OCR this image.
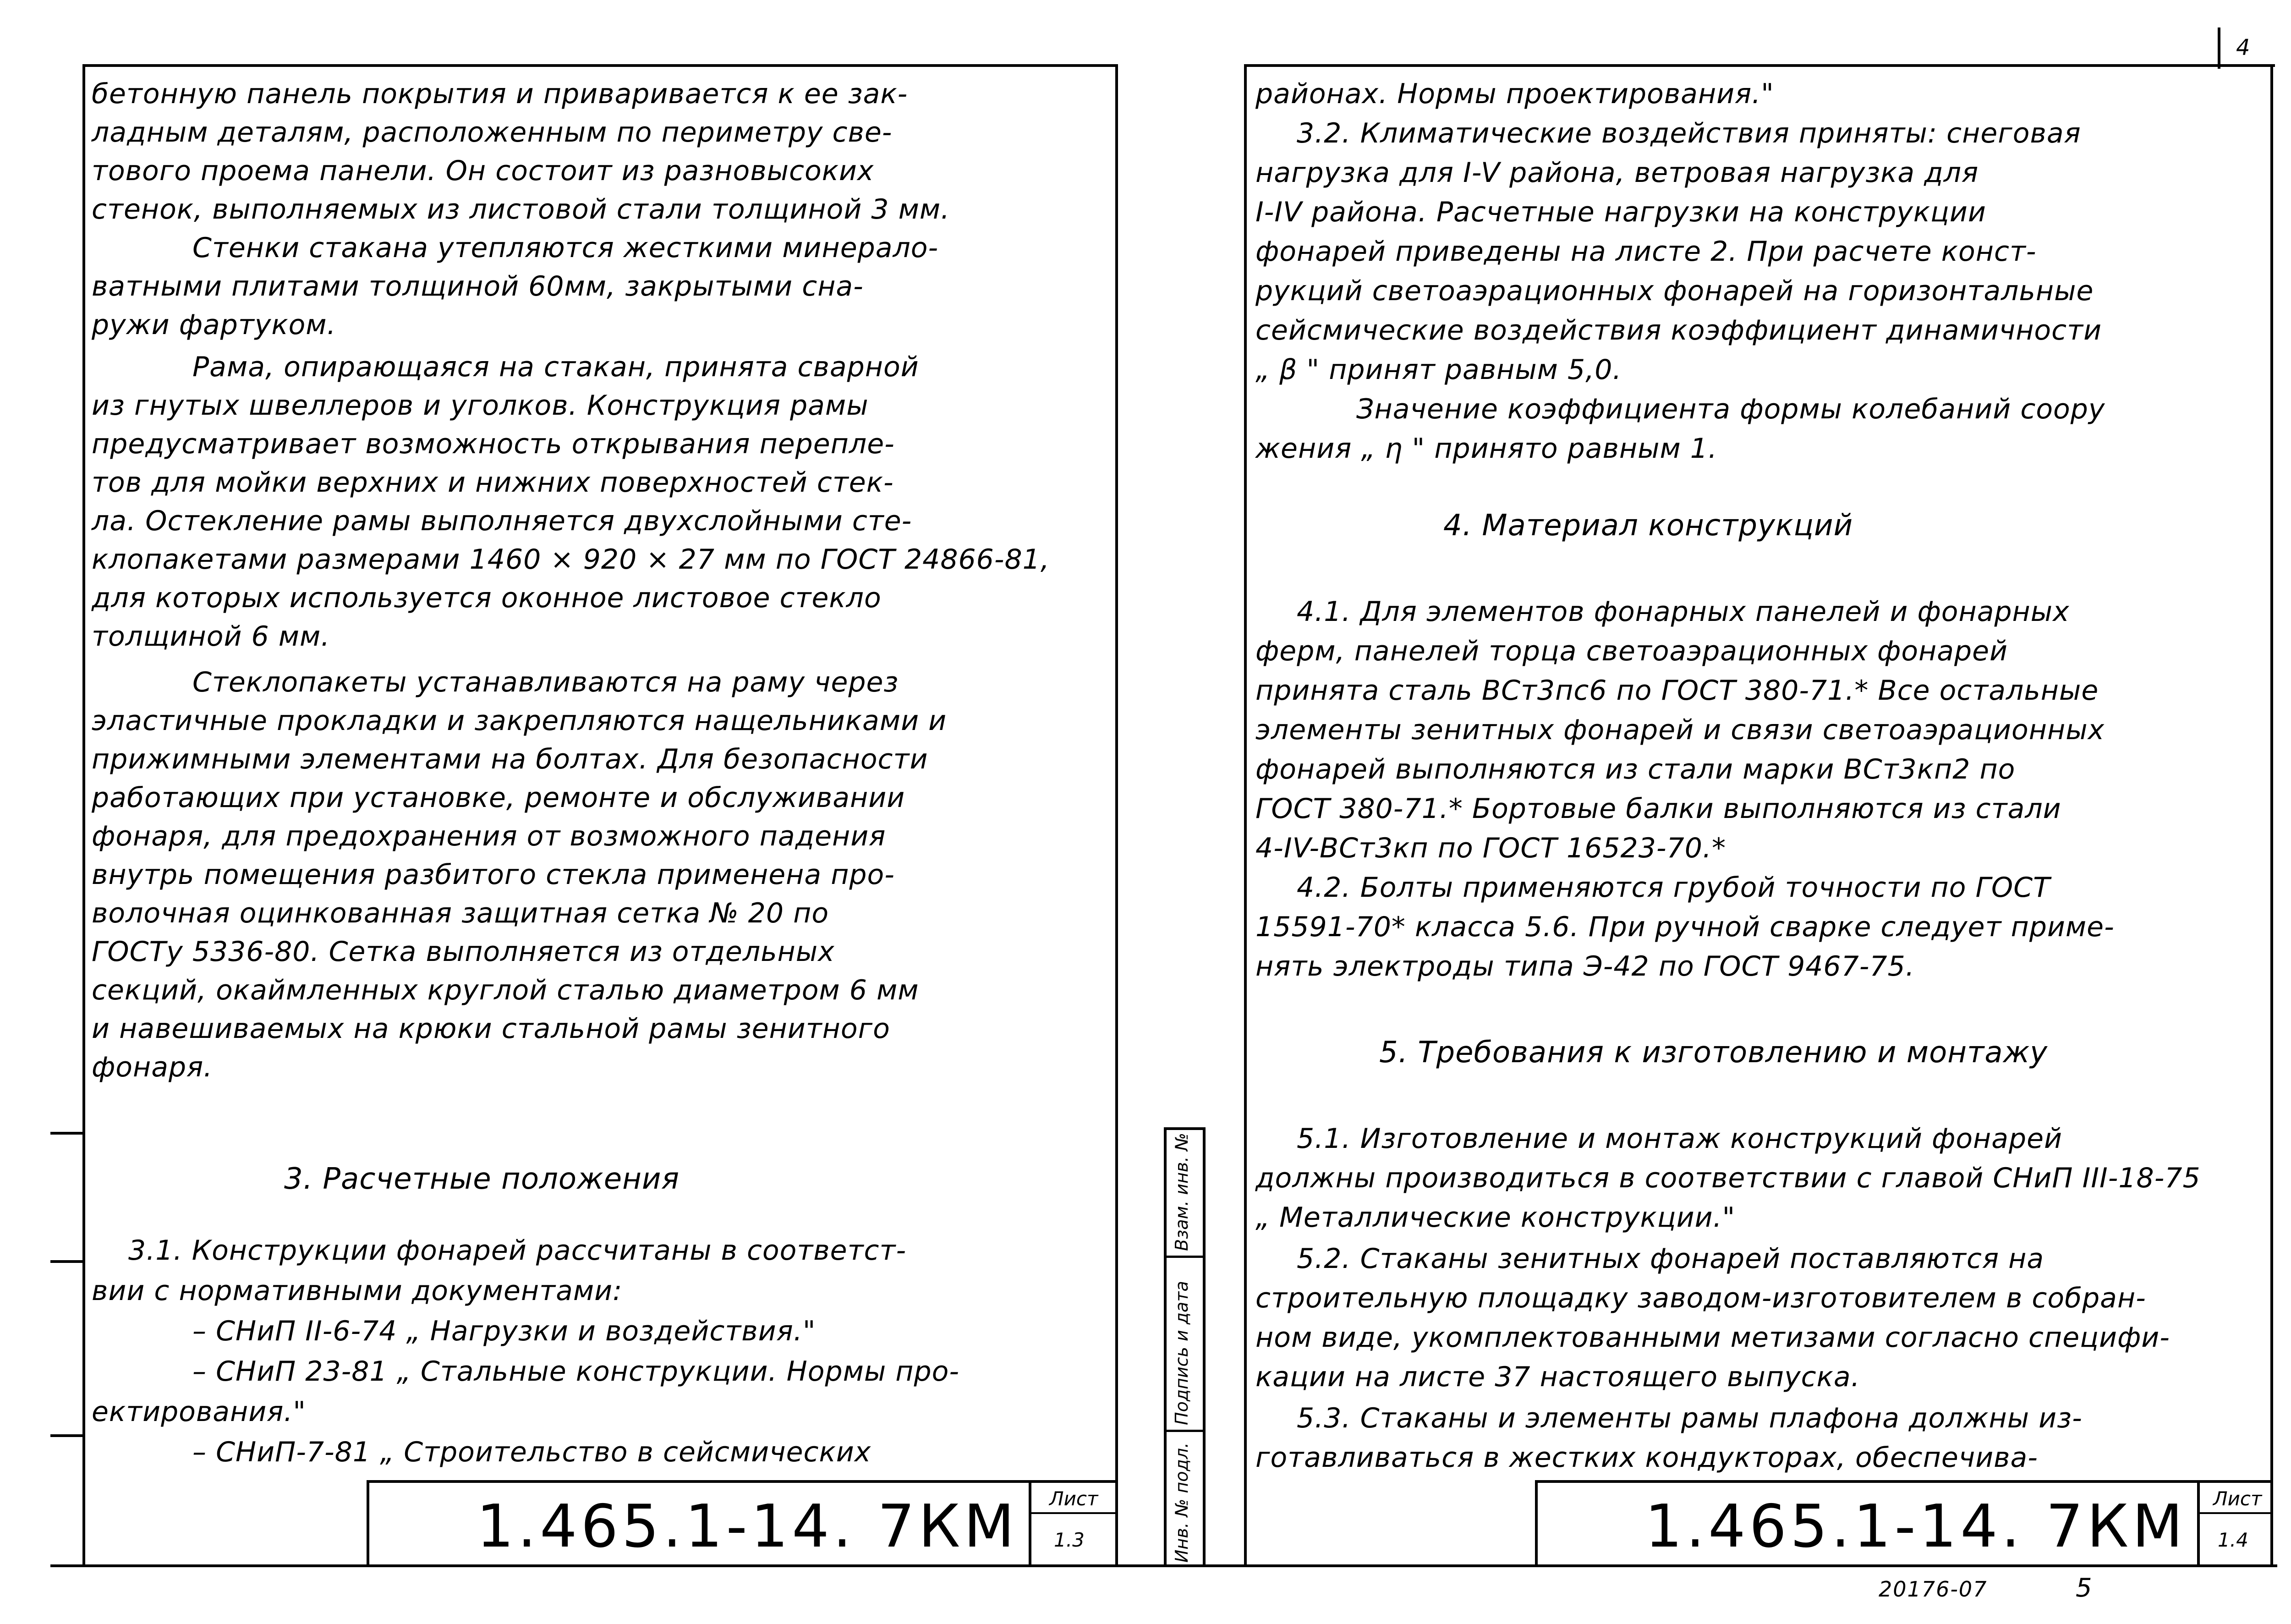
4
бетонную панель покрытия и приваривается к ее зак-
ладным деталям, расположенным по периметру све-
тового проема панели. Он состоит из разновысоких
стенок, выполняемых из листовой стали толщиной 3 мм.
Стенки стакана утепляются жесткими минерало-
ватными плитами толщиной 60мм, закрытыми сна-
ружи фартуком.
Рама, опирающаяся на стакан, принята сварной
из гнутых швеллеров и уголков. Конструкция рамы
предусматривает возможность открывания перепле-
тов для мойки верхних и нижних поверхностей стек-
ла. Остекление рамы выполняется двухслойными сте-
клопакетами размерами 1460 × 920 × 27 мм по ГОСТ 24866-81,
для которых используется оконное листовое стекло
толщиной 6 мм.
Стеклопакеты устанавливаются на раму через
эластичные прокладки и закрепляются нащельниками и
прижимными элементами на болтах. Для безопасности
работающих при установке, ремонте и обслуживании
фонаря, для предохранения от возможного падения
внутрь помещения разбитого стекла применена про-
волочная оцинкованная защитная сетка № 20 по
ГОСТу 5336-80. Сетка выполняется из отдельных
секций, окаймленных круглой сталью диаметром 6 мм
и навешиваемых на крюки стальной рамы зенитного
фонаря.
3. Расчетные положения
3.1. Конструкции фонарей рассчитаны в соответст-
вии с нормативными документами:
– СНиП II-6-74 „ Нагрузки и воздействия."
– СНиП 23-81 „ Стальные конструкции. Нормы про-
ектирования."
– СНиП-7-81 „ Строительство в сейсмических
1.465.1-14. 7КМ Лист
1.3	Инв. № подл.
Подпись и дата
Взам. инв. №
районах. Нормы проектирования."
3.2. Климатические воздействия приняты: снеговая
нагрузка для I-V района, ветровая нагрузка для
I-IV района. Расчетные нагрузки на конструкции
фонарей приведены на листе 2. При расчете конст-
рукций светоаэрационных фонарей на горизонтальные
сейсмические воздействия коэффициент динамичности
„ β " принят равным 5,0.
Значение коэффициента формы колебаний соору
жения „ η " принято равным 1.
4. Материал конструкций
4.1. Для элементов фонарных панелей и фонарных
ферм, панелей торца светоаэрационных фонарей
принята сталь ВСт3пс6 по ГОСТ 380-71.* Все остальные
элементы зенитных фонарей и связи светоаэрационных
фонарей выполняются из стали марки ВСт3кп2 по
ГОСТ 380-71.* Бортовые балки выполняются из стали
4-IV-ВСт3кп по ГОСТ 16523-70.*
4.2. Болты применяются грубой точности по ГОСТ
15591-70* класса 5.6. При ручной сварке следует приме-
нять электроды типа Э-42 по ГОСТ 9467-75.
5. Требования к изготовлению и монтажу
5.1. Изготовление и монтаж конструкций фонарей
должны производиться в соответствии с главой СНиП III-18-75
„ Металлические конструкции."
5.2. Стаканы зенитных фонарей поставляются на
строительную площадку заводом-изготовителем в собран-
ном виде, укомплектованными метизами согласно специфи-
кации на листе 37 настоящего выпуска.
5.3. Стаканы и элементы рамы плафона должны из-
готавливаться в жестких кондукторах, обеспечива-
1.465.1-14. 7КМ Лист
1.4
20176-07	5
